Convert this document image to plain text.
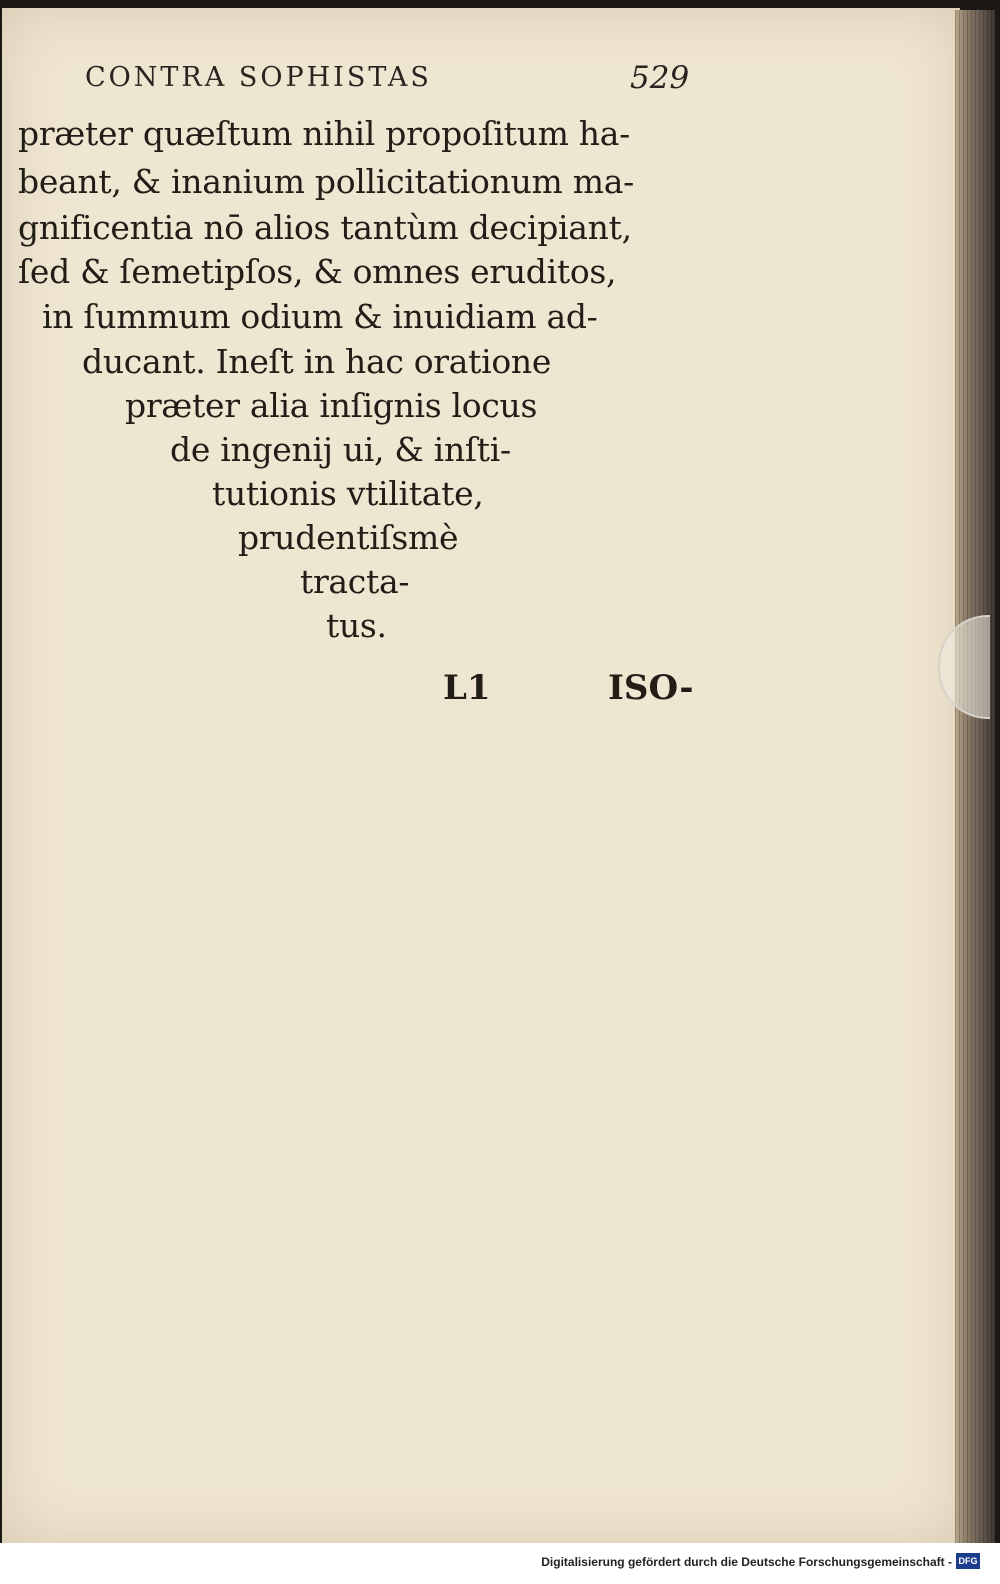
CONTRA SOPHISTAS	529
præter quæſtum nihil propoſitum ha-
beant, & inanium pollicitationum ma-
gnificentia nō alios tantùm decipiant,
ſed & ſemetipſos, & omnes eruditos,
in ſummum odium & inuidiam ad-
ducant. Ineſt in hac oratione
præter alia inſignis locus
de ingenij ui, & inſti-
tutionis vtilitate,
prudentiſsmè
tracta-
tus.
L1	ISO-
Digitalisierung gefördert durch die Deutsche Forschungsgemeinschaft - DFG
